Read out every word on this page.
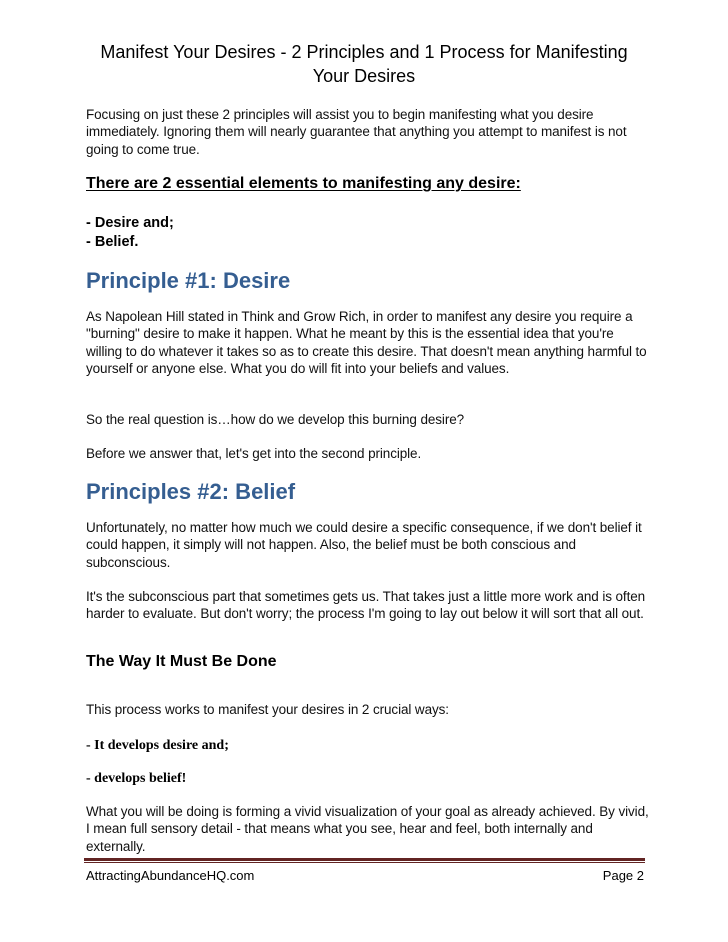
Manifest Your Desires - 2 Principles and 1 Process for Manifesting
Your Desires

Focusing on just these 2 principles will assist you to begin manifesting what you desire immediately. Ignoring them will nearly guarantee that anything you attempt to manifest is not going to come true.

There are 2 essential elements to manifesting any desire:

- Desire and;

- Belief.

Principle #1: Desire

As Napolean Hill stated in Think and Grow Rich, in order to manifest any desire you require a "burning" desire to make it happen. What he meant by this is the essential idea that you're willing to do whatever it takes so as to create this desire. That doesn't mean anything harmful to yourself or anyone else. What you do will fit into your beliefs and values.

So the real question is…how do we develop this burning desire?

Before we answer that, let's get into the second principle.

Principles #2: Belief

Unfortunately, no matter how much we could desire a specific consequence, if we don't belief it could happen, it simply will not happen. Also, the belief must be both conscious and subconscious.

It's the subconscious part that sometimes gets us. That takes just a little more work and is often harder to evaluate. But don't worry; the process I'm going to lay out below it will sort that all out.

The Way It Must Be Done

This process works to manifest your desires in 2 crucial ways:

- It develops desire and;

- develops belief!

What you will be doing is forming a vivid visualization of your goal as already achieved. By vivid, I mean full sensory detail - that means what you see, hear and feel, both internally and externally.

AttractingAbundanceHQ.com	Page 2
